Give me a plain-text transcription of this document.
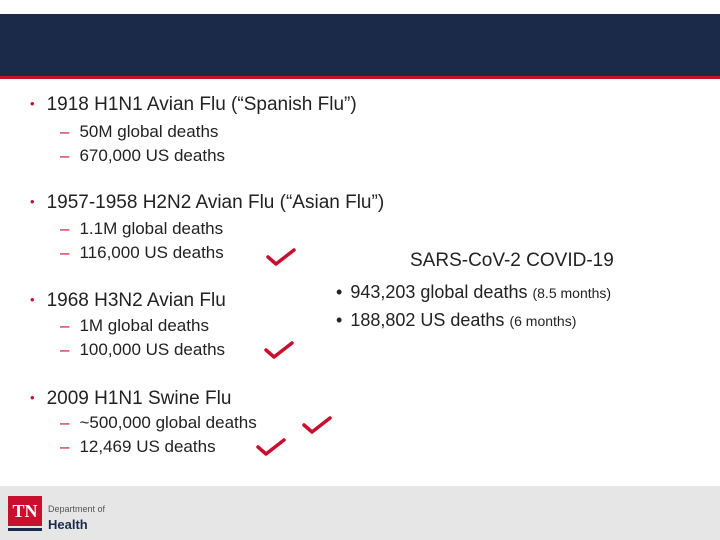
• 1918 H1N1 Avian Flu (“Spanish Flu”)
– 50M global deaths
– 670,000 US deaths
• 1957-1958 H2N2 Avian Flu (“Asian Flu”)
– 1.1M global deaths
– 116,000 US deaths
• 1968 H3N2 Avian Flu
– 1M global deaths
– 100,000 US deaths
• 2009 H1N1 Swine Flu
– ~500,000 global deaths
– 12,469 US deaths
SARS-CoV-2 COVID-19
• 943,203 global deaths (8.5 months)
• 188,802 US deaths (6 months)
TN	Department of
Health
